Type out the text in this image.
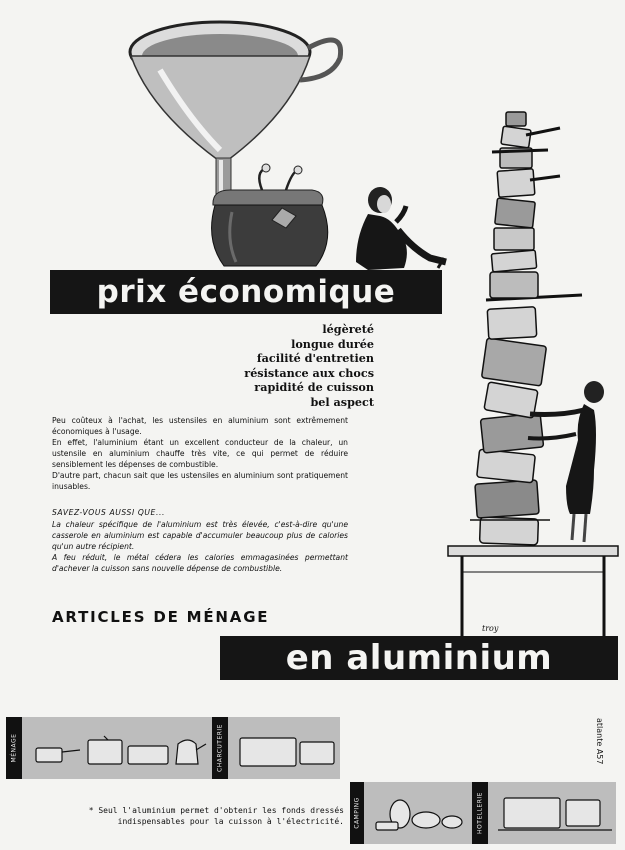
prix économique
légèreté
longue durée
facilité d'entretien
résistance aux chocs
rapidité de cuisson
bel aspect
Peu coûteux à l'achat, les ustensiles en aluminium sont extrêmement économiques à l'usage.
En effet, l'aluminium étant un excellent conducteur de la chaleur, un ustensile en aluminium chauffe très vite, ce qui permet de réduire sensiblement les dépenses de combustible.
D'autre part, chacun sait que les ustensiles en aluminium sont pratiquement inusables.
SAVEZ-VOUS AUSSI QUE...
La chaleur spécifique de l'aluminium est très élevée, c'est-à-dire qu'une casserole en aluminium est capable d'accumuler beaucoup plus de calories qu'un autre récipient.
A feu réduit, le métal cédera les calories emmagasinées permettant d'achever la cuisson sans nouvelle dépense de combustible.
troy
ARTICLES DE MÉNAGE
en aluminium
atlante A57
MÉNAGE	CHARCUTERIE
CAMPING	HOTELLERIE
* Seul l'aluminium permet d'obtenir les fonds dressés indispensables pour la cuisson à l'électricité.
